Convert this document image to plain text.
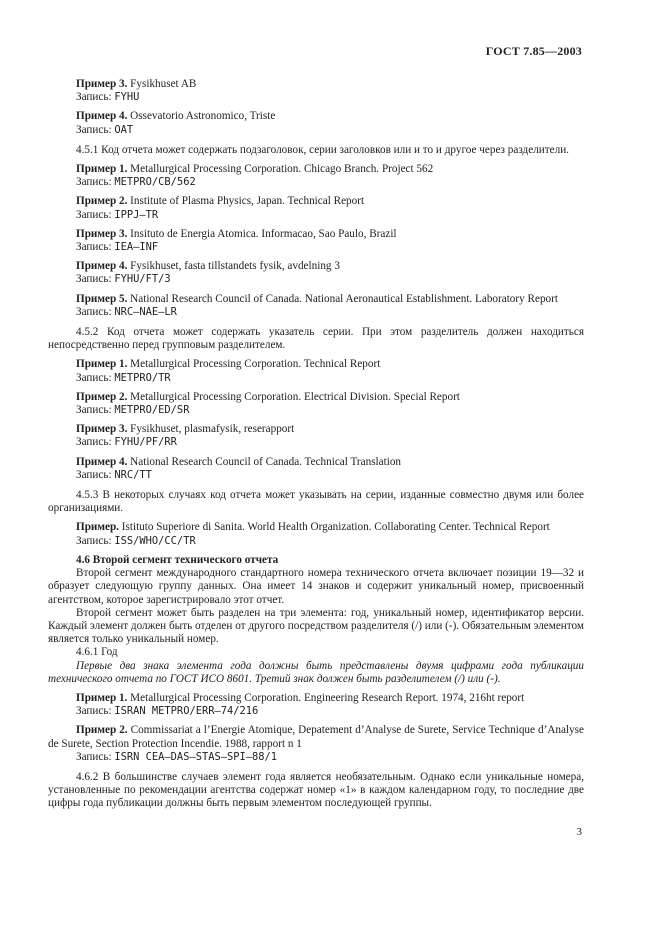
ГОСТ 7.85—2003
Пример 3. Fysikhuset AB
Запись: FYHU
Пример 4. Ossevatorio Astronomico, Triste
Запись: OAT
4.5.1 Код отчета может содержать подзаголовок, серии заголовков или и то и другое через разделители.
Пример 1. Metallurgical Processing Corporation. Chicago Branch. Project 562
Запись: METPRO/CB/562
Пример 2. Institute of Plasma Physics, Japan. Technical Report
Запись: IPPJ—TR
Пример 3. Insituto de Energia Atomica. Informacao, Sao Paulo, Brazil
Запись: IEA—INF
Пример 4. Fysikhuset, fasta tillstandets fysik, avdelning 3
Запись: FYHU/FT/3
Пример 5. National Research Council of Canada. National Aeronautical Establishment. Laboratory Report
Запись: NRC—NAE—LR
4.5.2 Код отчета может содержать указатель серии. При этом разделитель должен находиться непосредственно перед групповым разделителем.
Пример 1. Metallurgical Processing Corporation. Technical Report
Запись: METPRO/TR
Пример 2. Metallurgical Processing Corporation. Electrical Division. Special Report
Запись: METPRO/ED/SR
Пример 3. Fysikhuset, plasmafysik, reserapport
Запись: FYHU/PF/RR
Пример 4. National Research Council of Canada. Technical Translation
Запись: NRC/TT
4.5.3 В некоторых случаях код отчета может указывать на серии, изданные совместно двумя или более организациями.
Пример. Istituto Superiore di Sanita. World Health Organization. Collaborating Center. Technical Report
Запись: ISS/WHO/CC/TR
4.6 Второй сегмент технического отчета
Второй сегмент международного стандартного номера технического отчета включает позиции 19—32 и образует следующую группу данных. Она имеет 14 знаков и содержит уникальный номер, присвоенный агентством, которое зарегистрировало этот отчет.
Второй сегмент может быть разделен на три элемента: год, уникальный номер, идентификатор версии. Каждый элемент должен быть отделен от другого посредством разделителя (/) или (-). Обязательным элементом является только уникальный номер.
4.6.1 Год
Первые два знака элемента года должны быть представлены двумя цифрами года публикации технического отчета по ГОСТ ИСО 8601. Третий знак должен быть разделителем (/) или (-).
Пример 1. Metallurgical Processing Corporation. Engineering Research Report. 1974, 216ht report
Запись: ISRAN METPRO/ERR—74/216
Пример 2. Commissariat a l’Energie Atomique, Depatement d’Analyse de Surete, Service Technique d’Analyse de Surete, Section Protection Incendie. 1988, rapport n 1
Запись: ISRN CEA—DAS—STAS—SPI—88/1
4.6.2 В большинстве случаев элемент года является необязательным. Однако если уникальные номера, установленные по рекомендации агентства содержат номер «1» в каждом календарном году, то последние две цифры года публикации должны быть первым элементом последующей группы.
3
